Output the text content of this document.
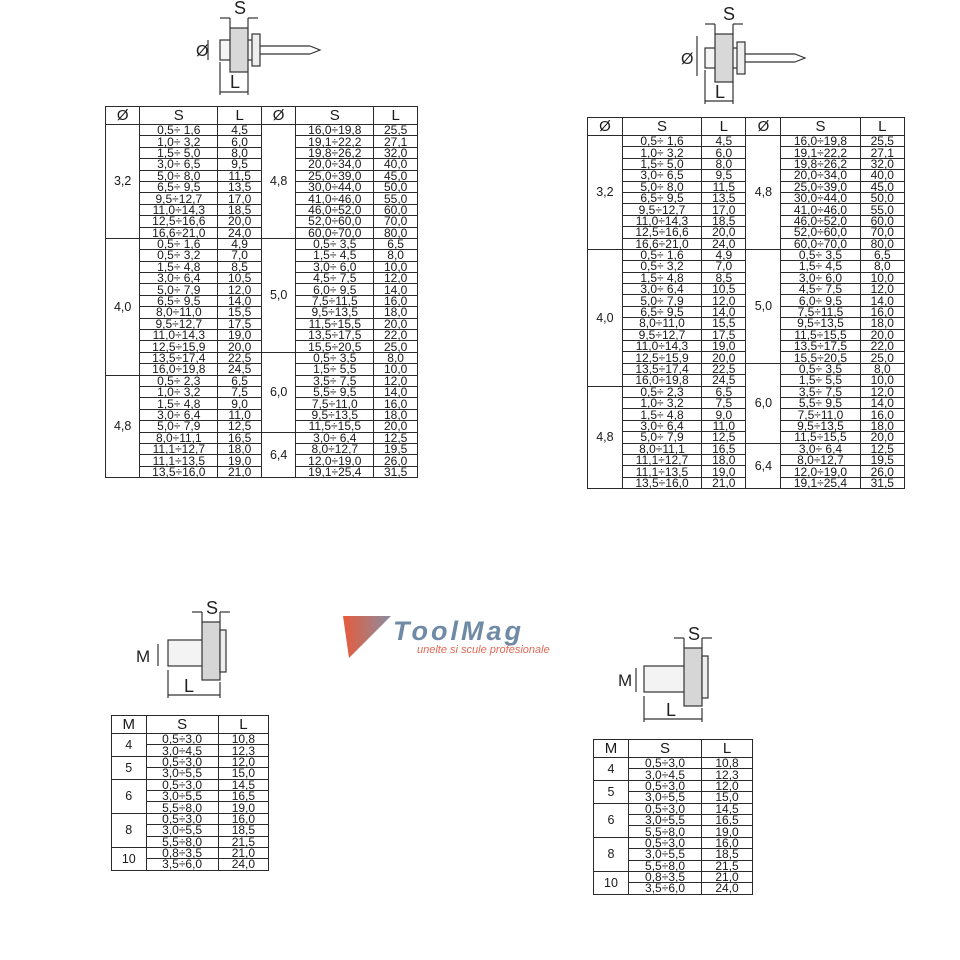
S
L
Ø
S
L
Ø
Ø	S	L	Ø	S	L
3,2	0,5÷ 1,6	4,5	4,8	16,0÷19,8	25,5
	1,0÷ 3,2	6,0		19,1÷22,2	27,1
	1,5÷ 5,0	8,0		19,8÷26,2	32,0
	3,0÷ 6,5	9,5		20,0÷34,0	40,0
	5,0÷ 8,0	11,5		25,0÷39,0	45,0
	6,5÷ 9,5	13,5		30,0÷44,0	50,0
	9,5÷12,7	17,0		41,0÷46,0	55,0
	11,0÷14,3	18,5		46,0÷52,0	60,0
	12,5÷16,6	20,0		52,0÷60,0	70,0
	16,6÷21,0	24,0		60,0÷70,0	80,0
4,0	0,5÷ 1,6	4,9	5,0	0,5÷ 3,5	6,5
	0,5÷ 3,2	7,0		1,5÷ 4,5	8,0
	1,5÷ 4,8	8,5		3,0÷ 6,0	10,0
	3,0÷ 6,4	10,5		4,5÷ 7,5	12,0
	5,0÷ 7,9	12,0		6,0÷ 9,5	14,0
	6,5÷ 9,5	14,0		7,5÷11,5	16,0
	8,0÷11,0	15,5		9,5÷13,5	18,0
	9,5÷12,7	17,5		11,5÷15,5	20,0
	11,0÷14,3	19,0		13,5÷17,5	22,0
	12,5÷15,9	20,0		15,5÷20,5	25,0
	13,5÷17,4	22,5	6,0	0,5÷ 3,5	8,0
	16,0÷19,8	24,5		1,5÷ 5,5	10,0
4,8	0,5÷ 2,3	6,5		3,5÷ 7,5	12,0
	1,0÷ 3,2	7,5		5,5÷ 9,5	14,0
	1,5÷ 4,8	9,0		7,5÷11,0	16,0
	3,0÷ 6,4	11,0		9,5÷13,5	18,0
	5,0÷ 7,9	12,5		11,5÷15,5	20,0
	8,0÷11,1	16,5	6,4	3,0÷ 6,4	12,5
	11,1÷12,7	18,0		8,0÷12,7	19,5
	11,1÷13,5	19,0		12,0÷19,0	26,0
	13,5÷16,0	21,0		19,1÷25,4	31,5
Ø	S	L	Ø	S	L
3,2	0,5÷ 1,6	4,5	4,8	16,0÷19,8	25,5
	1,0÷ 3,2	6,0		19,1÷22,2	27,1
	1,5÷ 5,0	8,0		19,8÷26,2	32,0
	3,0÷ 6,5	9,5		20,0÷34,0	40,0
	5,0÷ 8,0	11,5		25,0÷39,0	45,0
	6,5÷ 9,5	13,5		30,0÷44,0	50,0
	9,5÷12,7	17,0		41,0÷46,0	55,0
	11,0÷14,3	18,5		46,0÷52,0	60,0
	12,5÷16,6	20,0		52,0÷60,0	70,0
	16,6÷21,0	24,0		60,0÷70,0	80,0
4,0	0,5÷ 1,6	4,9	5,0	0,5÷ 3,5	6,5
	0,5÷ 3,2	7,0		1,5÷ 4,5	8,0
	1,5÷ 4,8	8,5		3,0÷ 6,0	10,0
	3,0÷ 6,4	10,5		4,5÷ 7,5	12,0
	5,0÷ 7,9	12,0		6,0÷ 9,5	14,0
	6,5÷ 9,5	14,0		7,5÷11,5	16,0
	8,0÷11,0	15,5		9,5÷13,5	18,0
	9,5÷12,7	17,5		11,5÷15,5	20,0
	11,0÷14,3	19,0		13,5÷17,5	22,0
	12,5÷15,9	20,0		15,5÷20,5	25,0
	13,5÷17,4	22,5	6,0	0,5÷ 3,5	8,0
	16,0÷19,8	24,5		1,5÷ 5,5	10,0
4,8	0,5÷ 2,3	6,5		3,5÷ 7,5	12,0
	1,0÷ 3,2	7,5		5,5÷ 9,5	14,0
	1,5÷ 4,8	9,0		7,5÷11,0	16,0
	3,0÷ 6,4	11,0		9,5÷13,5	18,0
	5,0÷ 7,9	12,5		11,5÷15,5	20,0
	8,0÷11,1	16,5	6,4	3,0÷ 6,4	12,5
	11,1÷12,7	18,0		8,0÷12,7	19,5
	11,1÷13,5	19,0		12,0÷19,0	26,0
	13,5÷16,0	21,0		19,1÷25,4	31,5
ToolMag
unelte si scule profesionale
S
L
M
S
L
M
M	S	L
4	0,5÷3,0	10,8
	3,0÷4,5	12,3
5	0,5÷3,0	12,0
	3,0÷5,5	15,0
6	0,5÷3,0	14,5
	3,0÷5,5	16,5
	5,5÷8,0	19,0
8	0,5÷3,0	16,0
	3,0÷5,5	18,5
	5,5÷8,0	21,5
10	0,8÷3,5	21,0
	3,5÷6,0	24,0
M	S	L
4	0,5÷3,0	10,8
	3,0÷4,5	12,3
5	0,5÷3,0	12,0
	3,0÷5,5	15,0
6	0,5÷3,0	14,5
	3,0÷5,5	16,5
	5,5÷8,0	19,0
8	0,5÷3,0	16,0
	3,0÷5,5	18,5
	5,5÷8,0	21,5
10	0,8÷3,5	21,0
	3,5÷6,0	24,0
